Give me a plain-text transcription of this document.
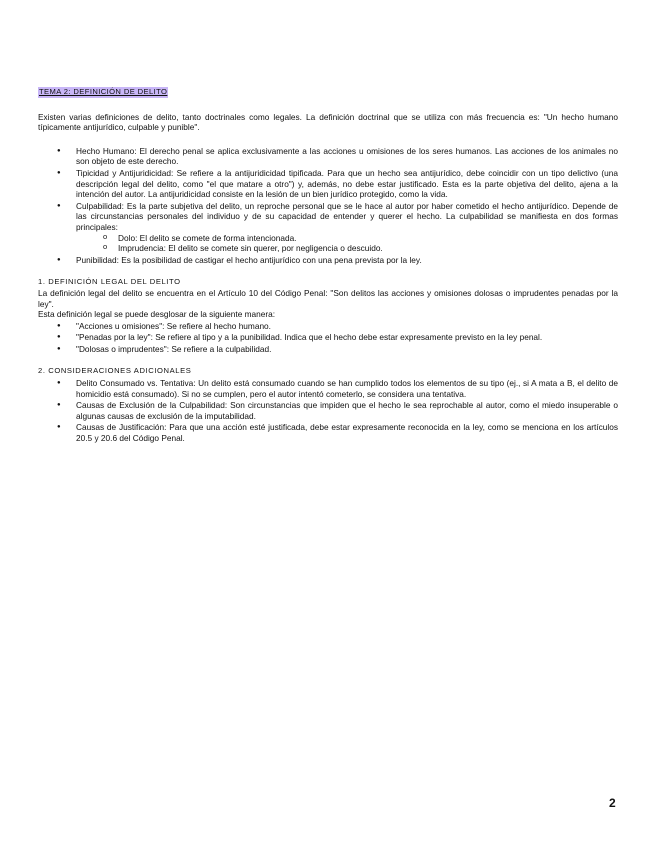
TEMA 2: DEFINICIÓN DE DELITO
Existen varias definiciones de delito, tanto doctrinales como legales. La definición doctrinal que se utiliza con más frecuencia es: "Un hecho humano típicamente antijurídico, culpable y punible".
● Hecho Humano: El derecho penal se aplica exclusivamente a las acciones u omisiones de los seres humanos. Las acciones de los animales no son objeto de este derecho.
● Tipicidad y Antijuridicidad: Se refiere a la antijuridicidad tipificada. Para que un hecho sea antijurídico, debe coincidir con un tipo delictivo (una descripción legal del delito, como "el que matare a otro") y, además, no debe estar justificado. Esta es la parte objetiva del delito, ajena a la intención del autor. La antijuridicidad consiste en la lesión de un bien jurídico protegido, como la vida.
● Culpabilidad: Es la parte subjetiva del delito, un reproche personal que se le hace al autor por haber cometido el hecho antijurídico. Depende de las circunstancias personales del individuo y de su capacidad de entender y querer el hecho. La culpabilidad se manifiesta en dos formas principales:
o Dolo: El delito se comete de forma intencionada.
o Imprudencia: El delito se comete sin querer, por negligencia o descuido.
● Punibilidad: Es la posibilidad de castigar el hecho antijurídico con una pena prevista por la ley.
1. DEFINICIÓN LEGAL DEL DELITO
La definición legal del delito se encuentra en el Artículo 10 del Código Penal: "Son delitos las acciones y omisiones dolosas o imprudentes penadas por la ley".
Esta definición legal se puede desglosar de la siguiente manera:
● "Acciones u omisiones": Se refiere al hecho humano.
● "Penadas por la ley": Se refiere al tipo y a la punibilidad. Indica que el hecho debe estar expresamente previsto en la ley penal.
● "Dolosas o imprudentes": Se refiere a la culpabilidad.
2. CONSIDERACIONES ADICIONALES
● Delito Consumado vs. Tentativa: Un delito está consumado cuando se han cumplido todos los elementos de su tipo (ej., si A mata a B, el delito de homicidio está consumado). Si no se cumplen, pero el autor intentó cometerlo, se considera una tentativa.
● Causas de Exclusión de la Culpabilidad: Son circunstancias que impiden que el hecho le sea reprochable al autor, como el miedo insuperable o algunas causas de exclusión de la imputabilidad.
● Causas de Justificación: Para que una acción esté justificada, debe estar expresamente reconocida en la ley, como se menciona en los artículos 20.5 y 20.6 del Código Penal.
2
